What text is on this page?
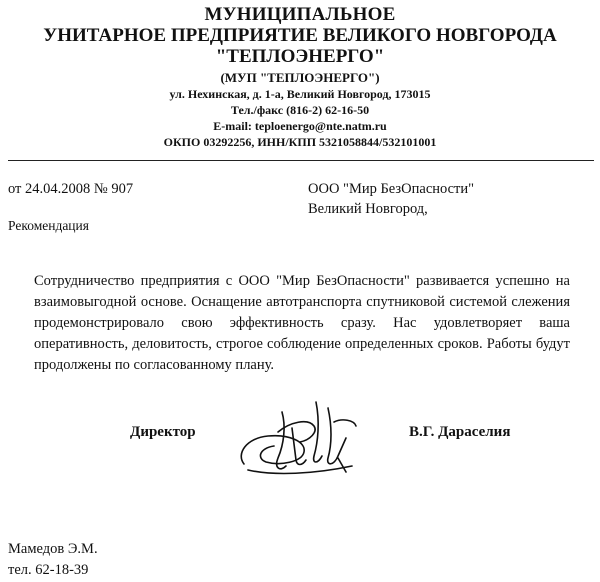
МУНИЦИПАЛЬНОЕ
УНИТАРНОЕ ПРЕДПРИЯТИЕ ВЕЛИКОГО НОВГОРОДА
"ТЕПЛОЭНЕРГО"
(МУП "ТЕПЛОЭНЕРГО")
ул. Нехинская, д. 1-а, Великий Новгород, 173015
Тел./факс (816-2) 62-16-50
E-mail: teploenergo@nte.natm.ru
ОКПО 03292256, ИНН/КПП 5321058844/532101001
от 24.04.2008 № 907	ООО "Мир БезОпасности"
Великий Новгород,
Рекомендация
Сотрудничество предприятия с ООО "Мир БезОпасности" развивается успешно на взаимовыгодной основе. Оснащение автотранспорта спутниковой системой слежения продемонстрировало свою эффективность сразу. Нас удовлетворяет ваша оперативность, деловитость, строгое соблюдение определенных сроков. Работы будут продолжены по согласованному плану.
Директор	В.Г. Дараселия
Мамедов Э.М.
тел. 62-18-39
